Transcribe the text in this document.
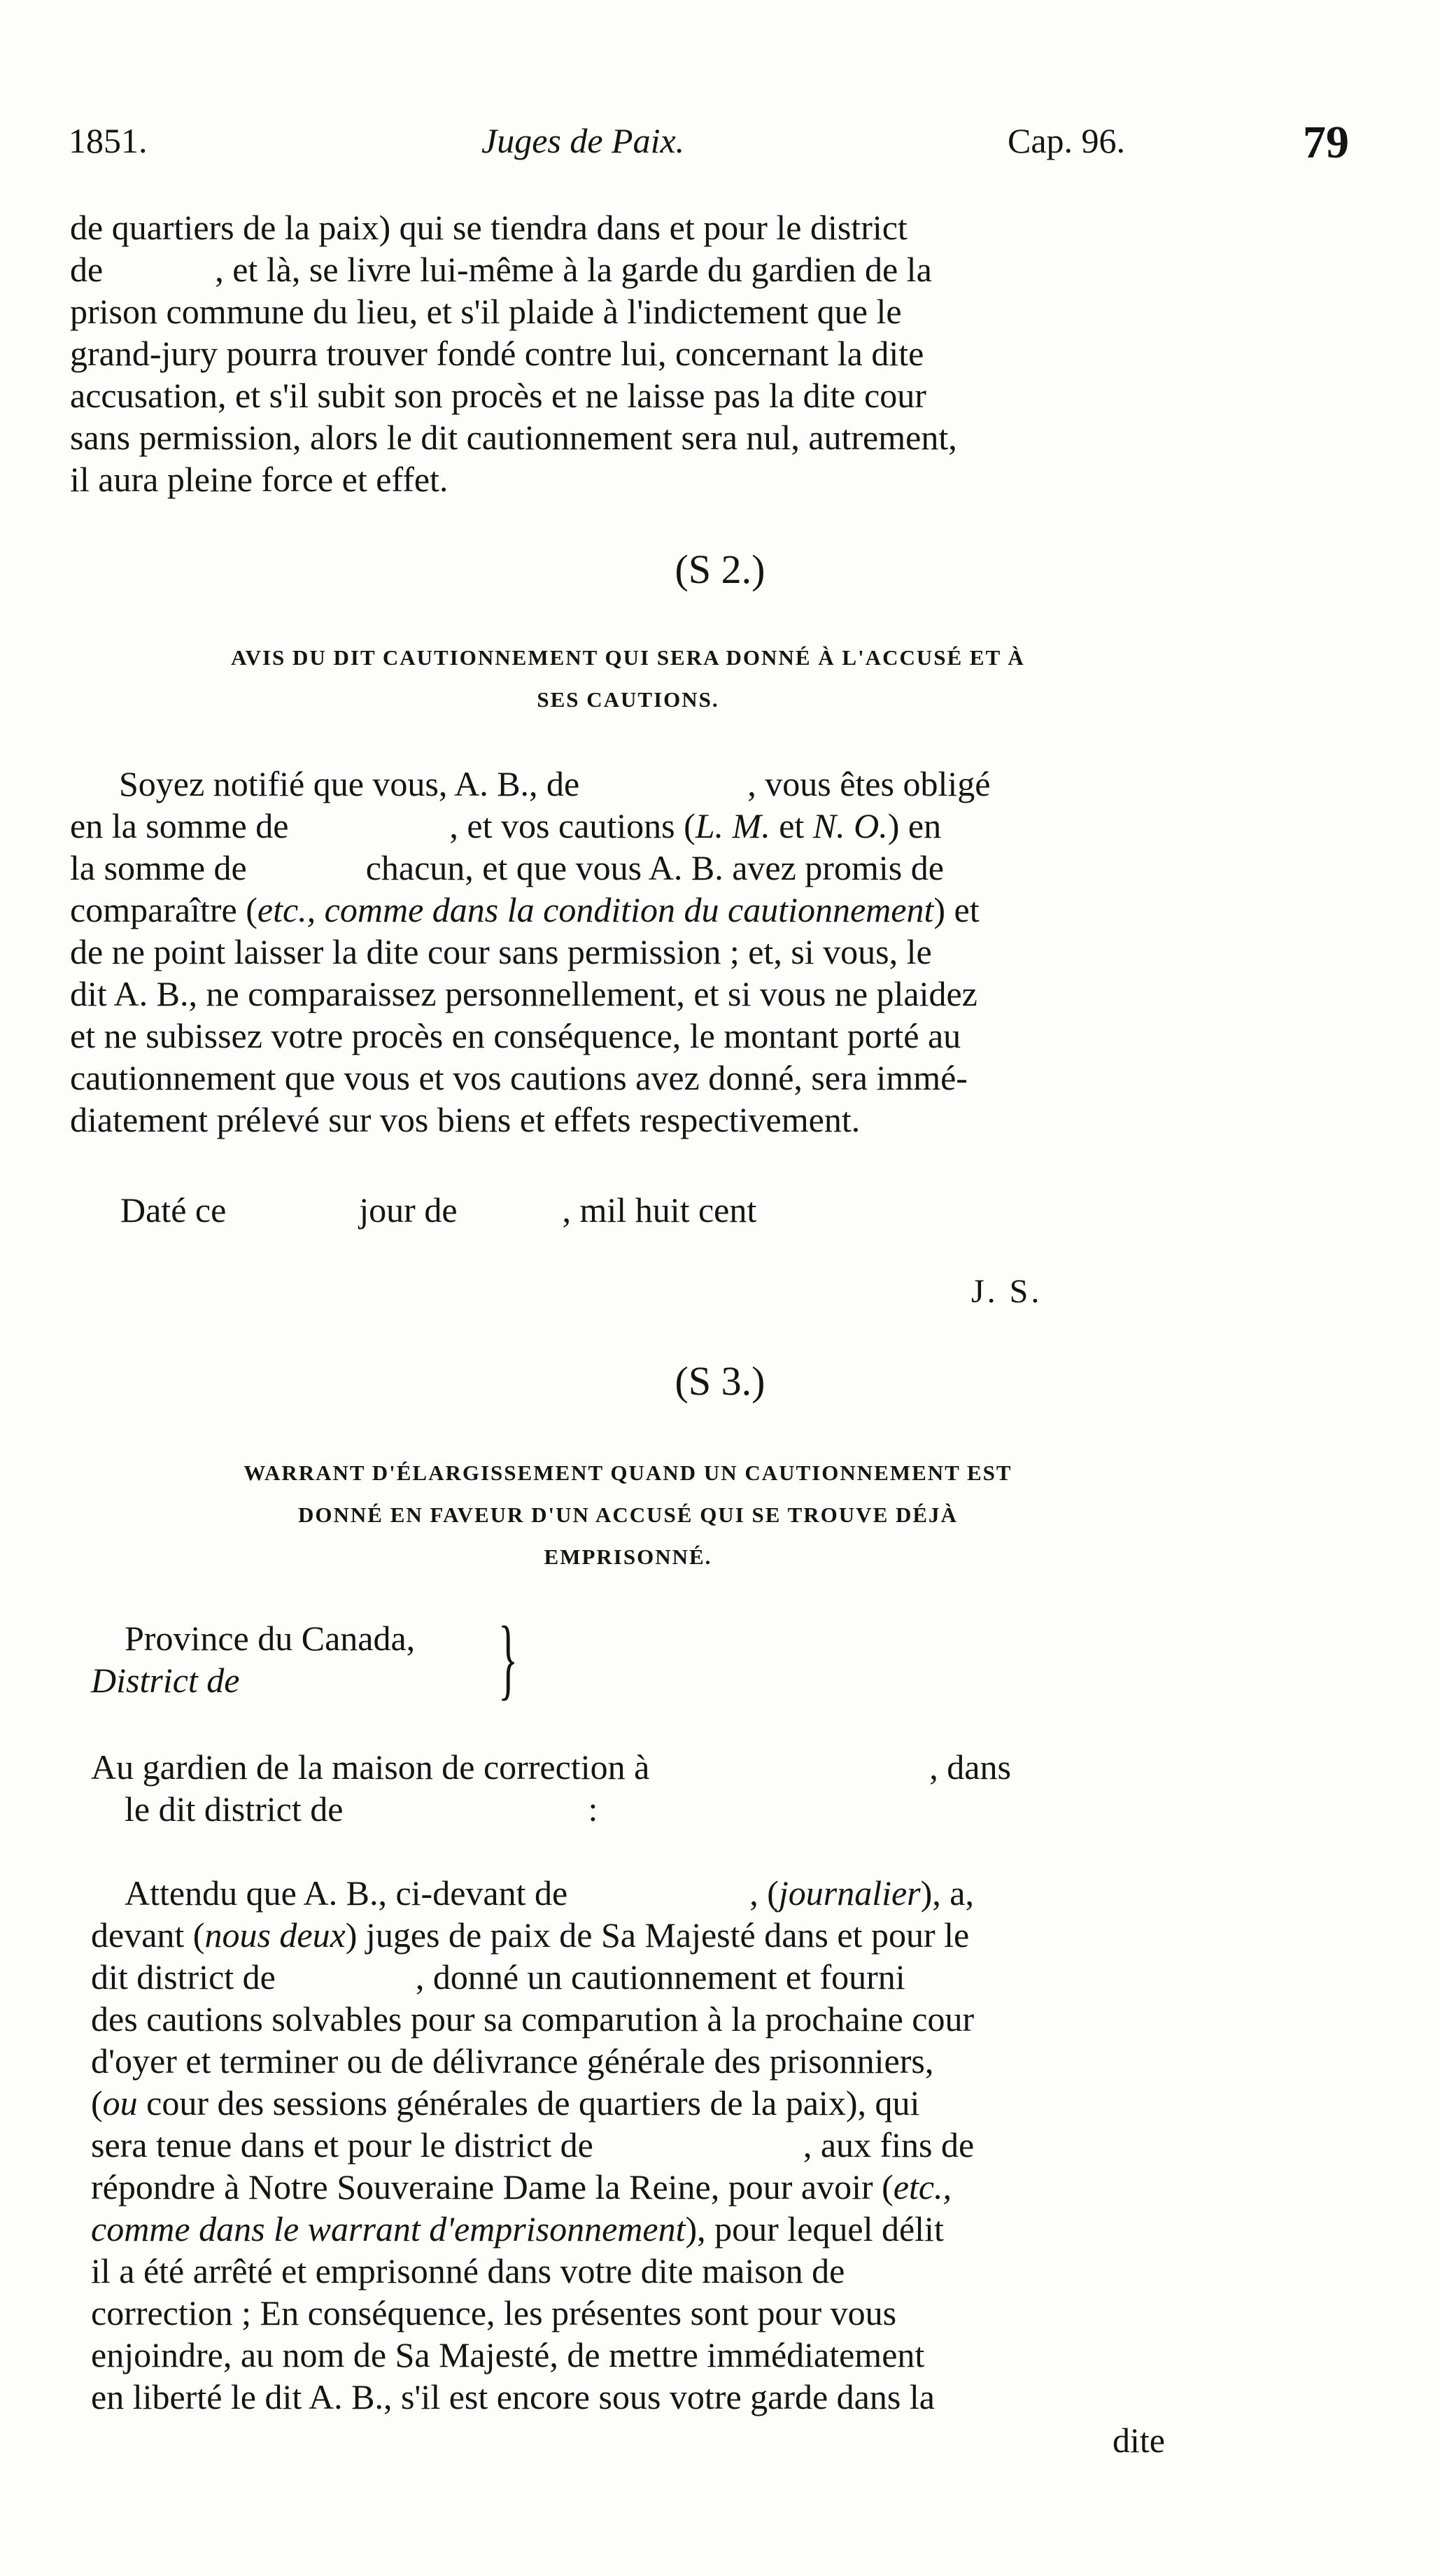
1851.	Juges de Paix.	Cap. 96.	79

de quartiers de la paix) qui se tiendra dans et pour le district

de	, et là, se livre lui-même à la garde du gardien de la

prison commune du lieu, et s'il plaide à l'indictement que le

grand-jury pourra trouver fondé contre lui, concernant la dite

accusation, et s'il subit son procès et ne laisse pas la dite cour

sans permission, alors le dit cautionnement sera nul, autrement,

il aura pleine force et effet.

(S 2.)
AVIS DU DIT CAUTIONNEMENT QUI SERA DONNÉ À L'ACCUSÉ ET À
SES CAUTIONS.

Soyez notifié que vous, A. B., de	, vous êtes obligé

en la somme de	, et vos cautions (L. M. et N. O.) en

la somme de	chacun, et que vous A. B. avez promis de

comparaître (etc., comme dans la condition du cautionnement) et

de ne point laisser la dite cour sans permission ; et, si vous, le

dit A. B., ne comparaissez personnellement, et si vous ne plaidez

et ne subissez votre procès en conséquence, le montant porté au

cautionnement que vous et vos cautions avez donné, sera immé-

diatement prélevé sur vos biens et effets respectivement.

Daté ce	jour de	, mil huit cent
J. S.
(S 3.)
WARRANT D'ÉLARGISSEMENT QUAND UN CAUTIONNEMENT EST
DONNÉ EN FAVEUR D'UN ACCUSÉ QUI SE TROUVE DÉJÀ
EMPRISONNÉ.
Province du Canada,
District de	}

Au gardien de la maison de correction à	, dans

le dit district de	:

Attendu que A. B., ci-devant de	, (journalier), a,

devant (nous deux) juges de paix de Sa Majesté dans et pour le

dit district de	, donné un cautionnement et fourni

des cautions solvables pour sa comparution à la prochaine cour

d'oyer et terminer ou de délivrance générale des prisonniers,

(ou cour des sessions générales de quartiers de la paix), qui

sera tenue dans et pour le district de	, aux fins de

répondre à Notre Souveraine Dame la Reine, pour avoir (etc.,

comme dans le warrant d'emprisonnement), pour lequel délit

il a été arrêté et emprisonné dans votre dite maison de

correction ; En conséquence, les présentes sont pour vous

enjoindre, au nom de Sa Majesté, de mettre immédiatement

en liberté le dit A. B., s'il est encore sous votre garde dans la

dite
